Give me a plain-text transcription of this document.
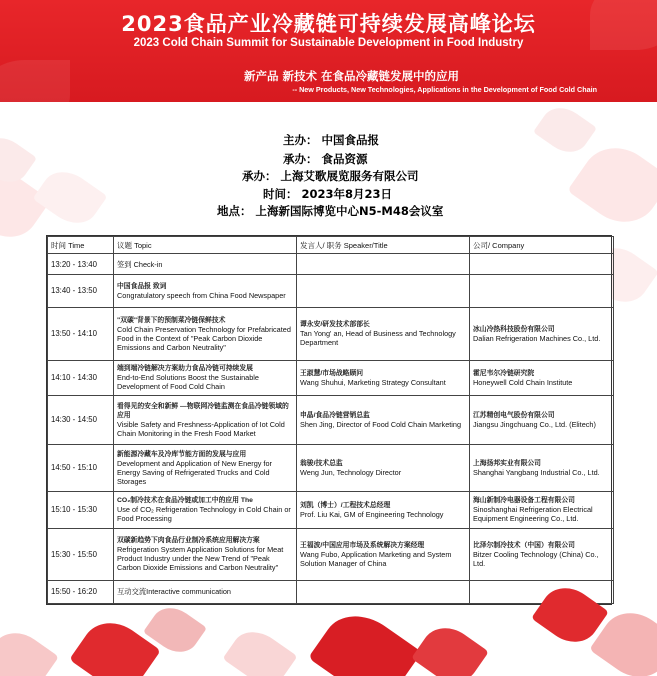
2023食品产业冷藏链可持续发展高峰论坛
2023 Cold Chain Summit for Sustainable Development in Food Industry
新产品 新技术 在食品冷藏链发展中的应用
-- New Products, New Technologies, Applications in the Development of Food Cold Chain
主办： 中国食品报
承办： 食品资源
承办： 上海艾歌展览服务有限公司
时间： 2023年8月23日
地点： 上海新国际博览中心N5-M48会议室
时间 Time	议题 Topic	发言人/ 职务 Speaker/Title	公司/ Company
13:20 - 13:40	签到 Check-in		

13:40 - 13:50	中国食品报 致词
Congratulatory speech from China Food Newspaper		

13:50 - 14:10	"双碳"背景下的预制菜冷链保鲜技术
Cold Chain Preservation Technology for Prefabricated Food in the Context of "Peak Carbon Dioxide Emissions and Carbon Neutrality"	谭永安/研发技术部部长
Tan Yong' an, Head of Business and Technology Department	冰山冷热科技股份有限公司
Dalian Refrigeration Machines Co., Ltd.

14:10 - 14:30	端到端冷链解决方案助力食品冷链可持续发展
End-to-End Solutions Boost the Sustainable Development of Food Cold Chain	王淑慧/市场战略顾问
Wang Shuhui, Marketing Strategy Consultant	霍尼韦尔冷链研究院
Honeywell Cold Chain Institute

14:30 - 14:50	看得见的安全和新鲜 —物联网冷链监测在食品冷链领域的应用
Visible Safety and Freshness-Application of Iot Cold Chain Monitoring in the Fresh Food Market	申晶/食品冷链营销总监
Shen Jing, Director of Food Cold Chain Marketing	江苏精创电气股份有限公司
Jiangsu Jingchuang Co., Ltd. (Elitech)

14:50 - 15:10	新能源冷藏车及冷库节能方面的发展与应用
Development and Application of New Energy for Energy Saving of Refrigerated Trucks and Cold Storages	翁骏/技术总监
Weng Jun, Technology Director	上海扬邦实业有限公司
Shanghai Yangbang Industrial Co., Ltd.

15:10 - 15:30	CO₂制冷技术在食品冷链或加工中的应用 The
Use of CO₂ Refrigeration Technology in Cold Chain or Food Processing	刘凯（博士）/工程技术总经理
Prof. Liu Kai, GM of Engineering Technology	海山新制冷电器设备工程有限公司
Sinoshanghai Refrigeration Electrical Equipment Engineering Co., Ltd.

15:30 - 15:50	双碳新趋势下肉食品行业制冷系统应用解决方案
Refrigeration System Application Solutions for Meat Product Industry under the New Trend of "Peak Carbon Dioxide Emissions and Carbon Neutrality"	王福波/中国应用市场及系统解决方案经理
Wang Fubo, Application Marketing and System Solution Manager of China	比泽尔制冷技术（中国）有限公司
Bitzer Cooling Technology (China) Co., Ltd.

15:50 - 16:20	互动交流Interactive communication		
